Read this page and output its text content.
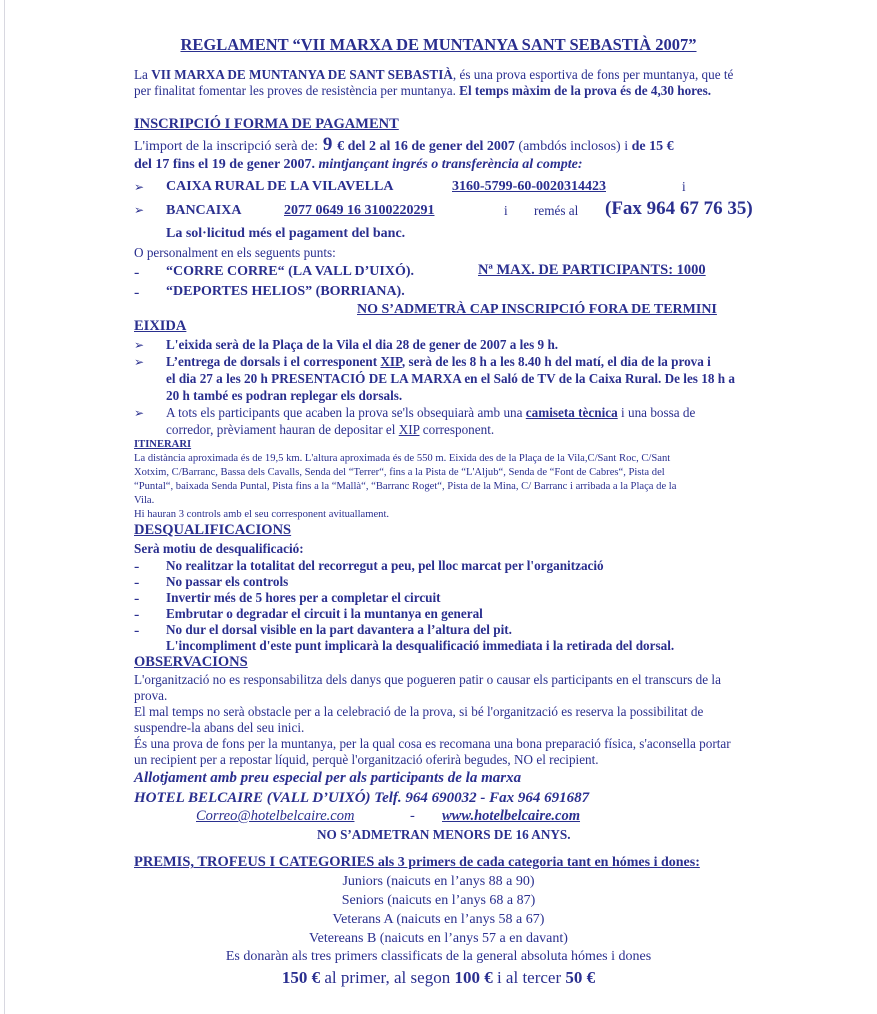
REGLAMENT “VII MARXA DE MUNTANYA SANT SEBASTIÀ 2007”
La VII MARXA DE MUNTANYA DE SANT SEBASTIÀ, és una prova esportiva de fons per muntanya, que té
per finalitat fomentar les proves de resistència per muntanya. El temps màxim de la prova és de 4,30 hores.
INSCRIPCIÓ I FORMA DE PAGAMENT
L'import de la inscripció serà de: 9 € del 2 al 16 de gener del 2007 (ambdós inclosos) i de 15 €
del 17 fins el 19 de gener 2007. mintjançant ingrés o transferència al compte:
➢ CAIXA RURAL DE LA VILAVELLA	3160-5799-60-0020314423	i
➢ BANCAIXA	2077 0649 16 3100220291	i remés al (Fax 964 67 76 35)
La sol·licitud més el pagament del banc.
O personalment en els seguents punts:
- “CORRE CORRE“ (LA VALL D’UIXÓ).	Nª MAX. DE PARTICIPANTS: 1000
- “DEPORTES HELIOS” (BORRIANA).
NO S’ADMETRÀ CAP INSCRIPCIÓ FORA DE TERMINI
EIXIDA
➢ L'eixida serà de la Plaça de la Vila el dia 28 de gener de 2007 a les 9 h.
➢ L’entrega de dorsals i el corresponent XIP, serà de les 8 h a les 8.40 h del matí, el dia de la prova i
el dia 27 a les 20 h PRESENTACIÓ DE LA MARXA en el Saló de TV de la Caixa Rural. De les 18 h a
20 h també es podran replegar els dorsals.
➢ A tots els participants que acaben la prova se'ls obsequiarà amb una camiseta tècnica i una bossa de
corredor, prèviament hauran de depositar el XIP corresponent.
ITINERARI
La distància aproximada és de 19,5 km. L'altura aproximada és de 550 m. Eixida des de la Plaça de la Vila,C/Sant Roc, C/Sant
Xotxim, C/Barranc, Bassa dels Cavalls, Senda del “Terrer“, fins a la Pista de “L'Aljub“, Senda de “Font de Cabres“, Pista del
“Puntal“, baixada Senda Puntal, Pista fins a la “Mallà“, “Barranc Roget“, Pista de la Mina, C/ Barranc i arribada a la Plaça de la
Vila.
Hi hauran 3 controls amb el seu corresponent avituallament.
DESQUALIFICACIONS
Serà motiu de desqualificació:
- No realitzar la totalitat del recorregut a peu, pel lloc marcat per l'organització
- No passar els controls
- Invertir més de 5 hores per a completar el circuit
- Embrutar o degradar el circuit i la muntanya en general
- No dur el dorsal visible en la part davantera a l’altura del pit.
L'incompliment d'este punt implicarà la desqualificació immediata i la retirada del dorsal.
OBSERVACIONS
L'organització no es responsabilitza dels danys que pogueren patir o causar els participants en el transcurs de la
prova.
El mal temps no serà obstacle per a la celebració de la prova, si bé l'organització es reserva la possibilitat de
suspendre-la abans del seu inici.
És una prova de fons per la muntanya, per la qual cosa es recomana una bona preparació física, s'aconsella portar
un recipient per a repostar líquid, perquè l'organització oferirà begudes, NO el recipient.
Allotjament amb preu especial per als participants de la marxa
HOTEL BELCAIRE (VALL D’UIXÓ) Telf. 964 690032 - Fax 964 691687
Correo@hotelbelcaire.com	- www.hotelbelcaire.com
NO S’ADMETRAN MENORS DE 16 ANYS.
PREMIS, TROFEUS I CATEGORIES als 3 primers de cada categoria tant en hómes i dones:
Juniors (naicuts en l’anys 88 a 90)
Seniors (naicuts en l’anys 68 a 87)
Veterans A (naicuts en l’anys 58 a 67)
Vetereans B (naicuts en l’anys 57 a en davant)
Es donaràn als tres primers classificats de la general absoluta hómes i dones
150 € al primer, al segon 100 € i al tercer 50 €
